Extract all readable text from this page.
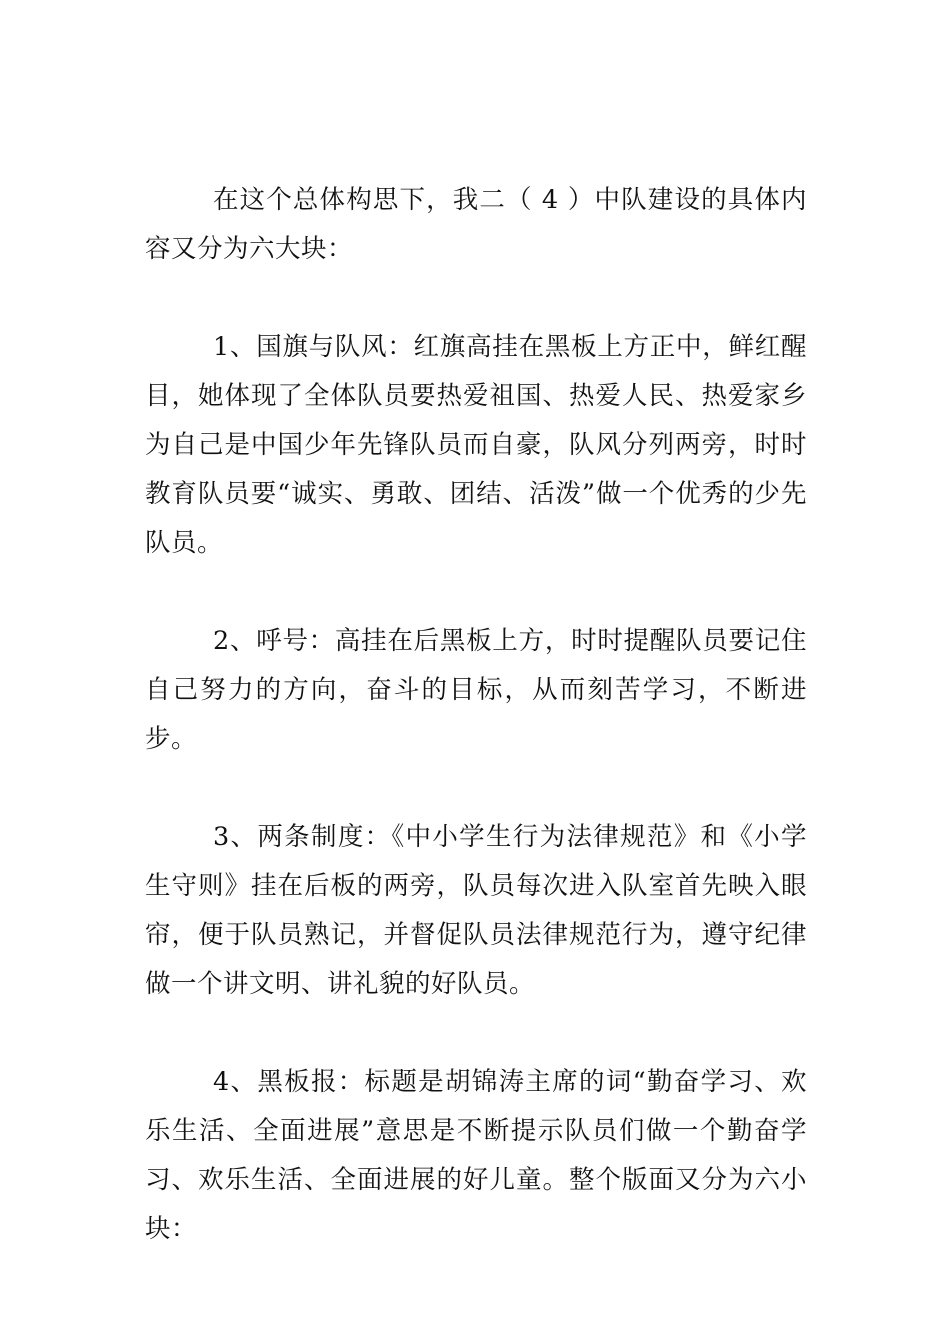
在这个总体构思下，我二（ 4 ）中队建设的具体内容又分为六大块：

1、国旗与队风：红旗高挂在黑板上方正中，鲜红醒目，她体现了全体队员要热爱祖国、热爱人民、热爱家乡为自己是中国少年先锋队员而自豪，队风分列两旁，时时教育队员要“诚实、勇敢、团结、活泼”做一个优秀的少先队员。

2、呼号：高挂在后黑板上方，时时提醒队员要记住自己努力的方向，奋斗的目标，从而刻苦学习，不断进步。

3、两条制度：《中小学生行为法律规范》和《小学生守则》挂在后板的两旁，队员每次进入队室首先映入眼帘，便于队员熟记，并督促队员法律规范行为，遵守纪律做一个讲文明、讲礼貌的好队员。

4、黑板报：标题是胡锦涛主席的词“勤奋学习、欢乐生活、全面进展”意思是不断提示队员们做一个勤奋学习、欢乐生活、全面进展的好儿童。整个版面又分为六小块：
